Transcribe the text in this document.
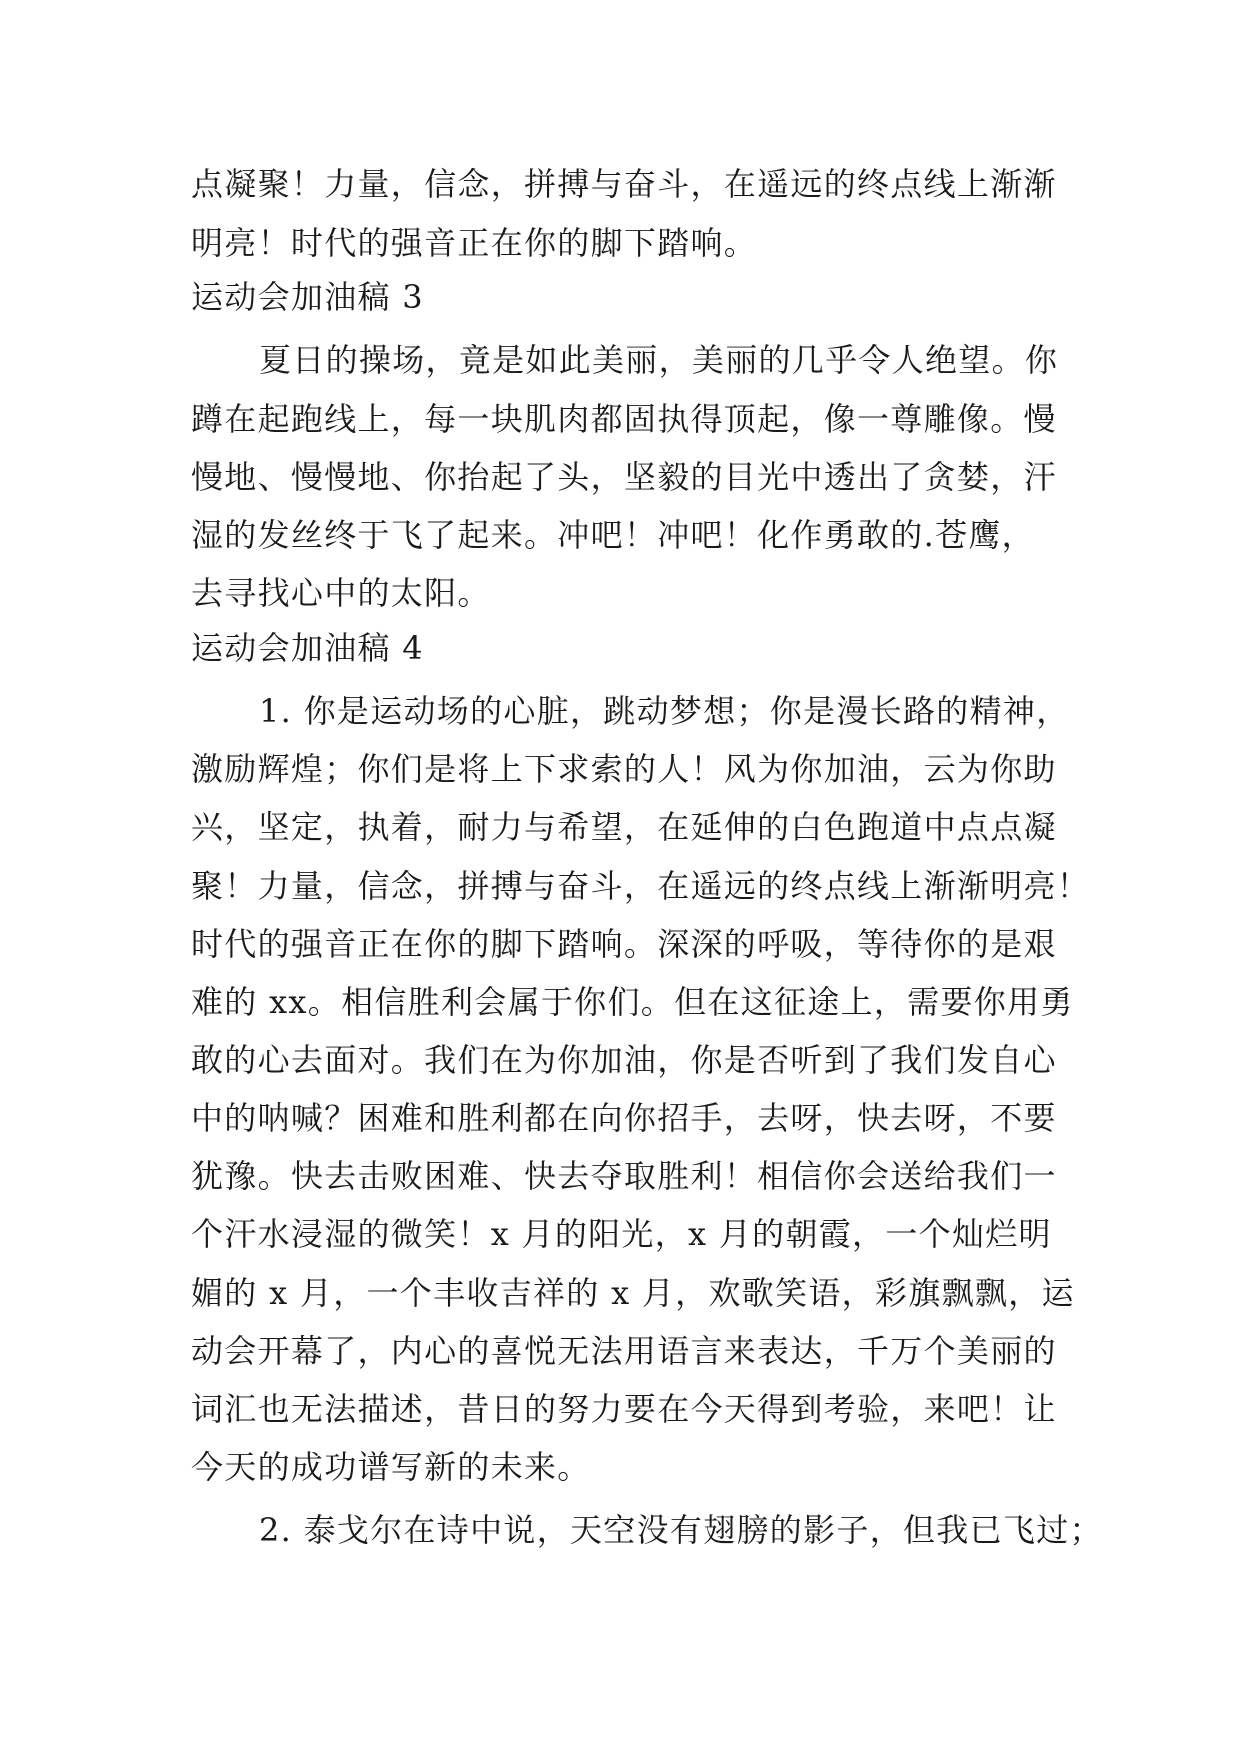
点凝聚！力量，信念，拼搏与奋斗，在遥远的终点线上渐渐
明亮！时代的强音正在你的脚下踏响。
运动会加油稿 3
夏日的操场，竟是如此美丽，美丽的几乎令人绝望。你
蹲在起跑线上，每一块肌肉都固执得顶起，像一尊雕像。慢
慢地、慢慢地、你抬起了头，坚毅的目光中透出了贪婪，汗
湿的发丝终于飞了起来。冲吧！冲吧！化作勇敢的.苍鹰，
去寻找心中的太阳。
运动会加油稿 4
1. 你是运动场的心脏，跳动梦想；你是漫长路的精神，
激励辉煌；你们是将上下求索的人！风为你加油，云为你助
兴，坚定，执着，耐力与希望，在延伸的白色跑道中点点凝
聚！力量，信念，拼搏与奋斗，在遥远的终点线上渐渐明亮！
时代的强音正在你的脚下踏响。深深的呼吸，等待你的是艰
难的 xx。相信胜利会属于你们。但在这征途上，需要你用勇
敢的心去面对。我们在为你加油，你是否听到了我们发自心
中的呐喊？困难和胜利都在向你招手，去呀，快去呀，不要
犹豫。快去击败困难、快去夺取胜利！相信你会送给我们一
个汗水浸湿的微笑！x 月的阳光，x 月的朝霞，一个灿烂明
媚的 x 月，一个丰收吉祥的 x 月，欢歌笑语，彩旗飘飘，运
动会开幕了，内心的喜悦无法用语言来表达，千万个美丽的
词汇也无法描述，昔日的努力要在今天得到考验，来吧！让
今天的成功谱写新的未来。
2. 泰戈尔在诗中说，天空没有翅膀的影子，但我已飞过；
